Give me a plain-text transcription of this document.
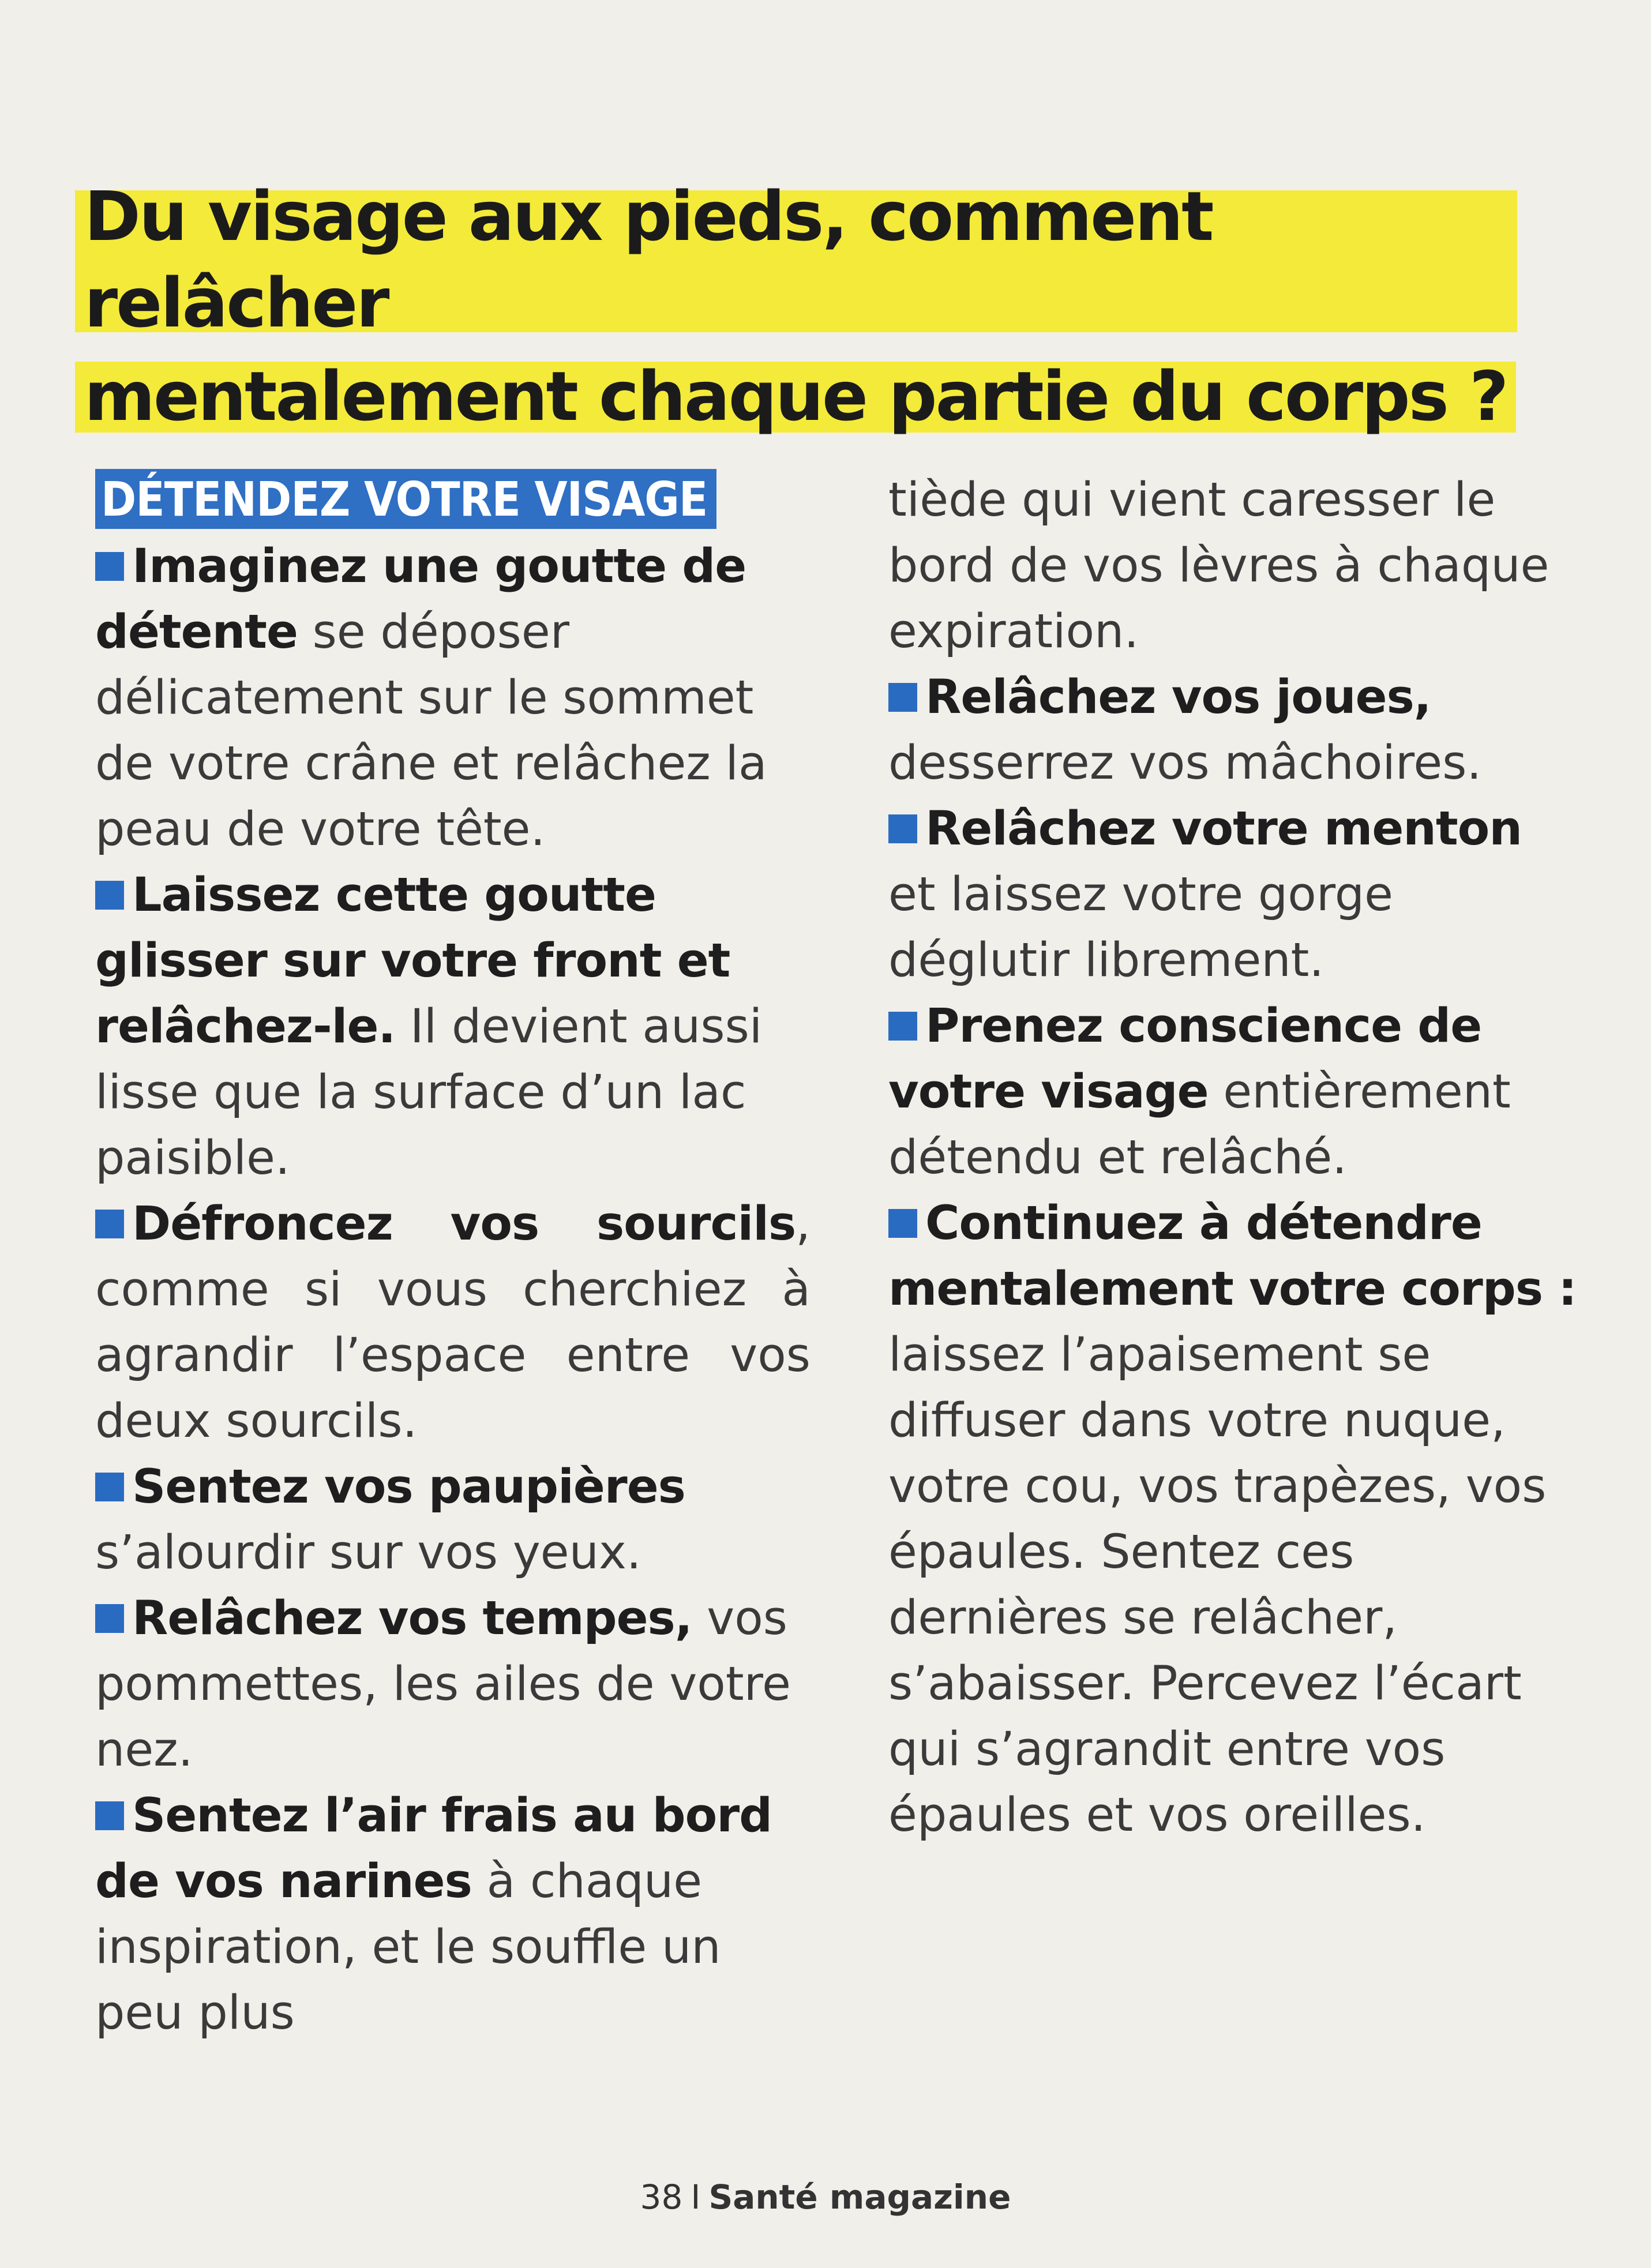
Du visage aux pieds, comment relâcher
mentalement chaque partie du corps ?
DÉTENDEZ VOTRE VISAGE

Imaginez une goutte de détente se déposer délicatement sur le sommet de votre crâne et relâchez la peau de votre tête.

Laissez cette goutte glisser sur votre front et relâchez-le. Il devient aussi lisse que la surface d’un lac paisible.

Défroncez vos sourcils, comme si vous cherchiez à agrandir l’espace entre vos deux sourcils.

Sentez vos paupières s’alourdir sur vos yeux.

Relâchez vos tempes, vos pommettes, les ailes de votre nez.

Sentez l’air frais au bord de vos narines à chaque inspiration, et le souffle un peu plus

tiède qui vient caresser le bord de vos lèvres à chaque expiration.

Relâchez vos joues, desserrez vos mâchoires.

Relâchez votre menton et laissez votre gorge déglutir librement.

Prenez conscience de votre visage entièrement détendu et relâché.

Continuez à détendre mentalement votre corps : laissez l’apaisement se diffuser dans votre nuque, votre cou, vos trapèzes, vos épaules. Sentez ces dernières se relâcher, s’abaisser. Percevez l’écart qui s’agrandit entre vos épaules et vos oreilles.

38 I Santé magazine
